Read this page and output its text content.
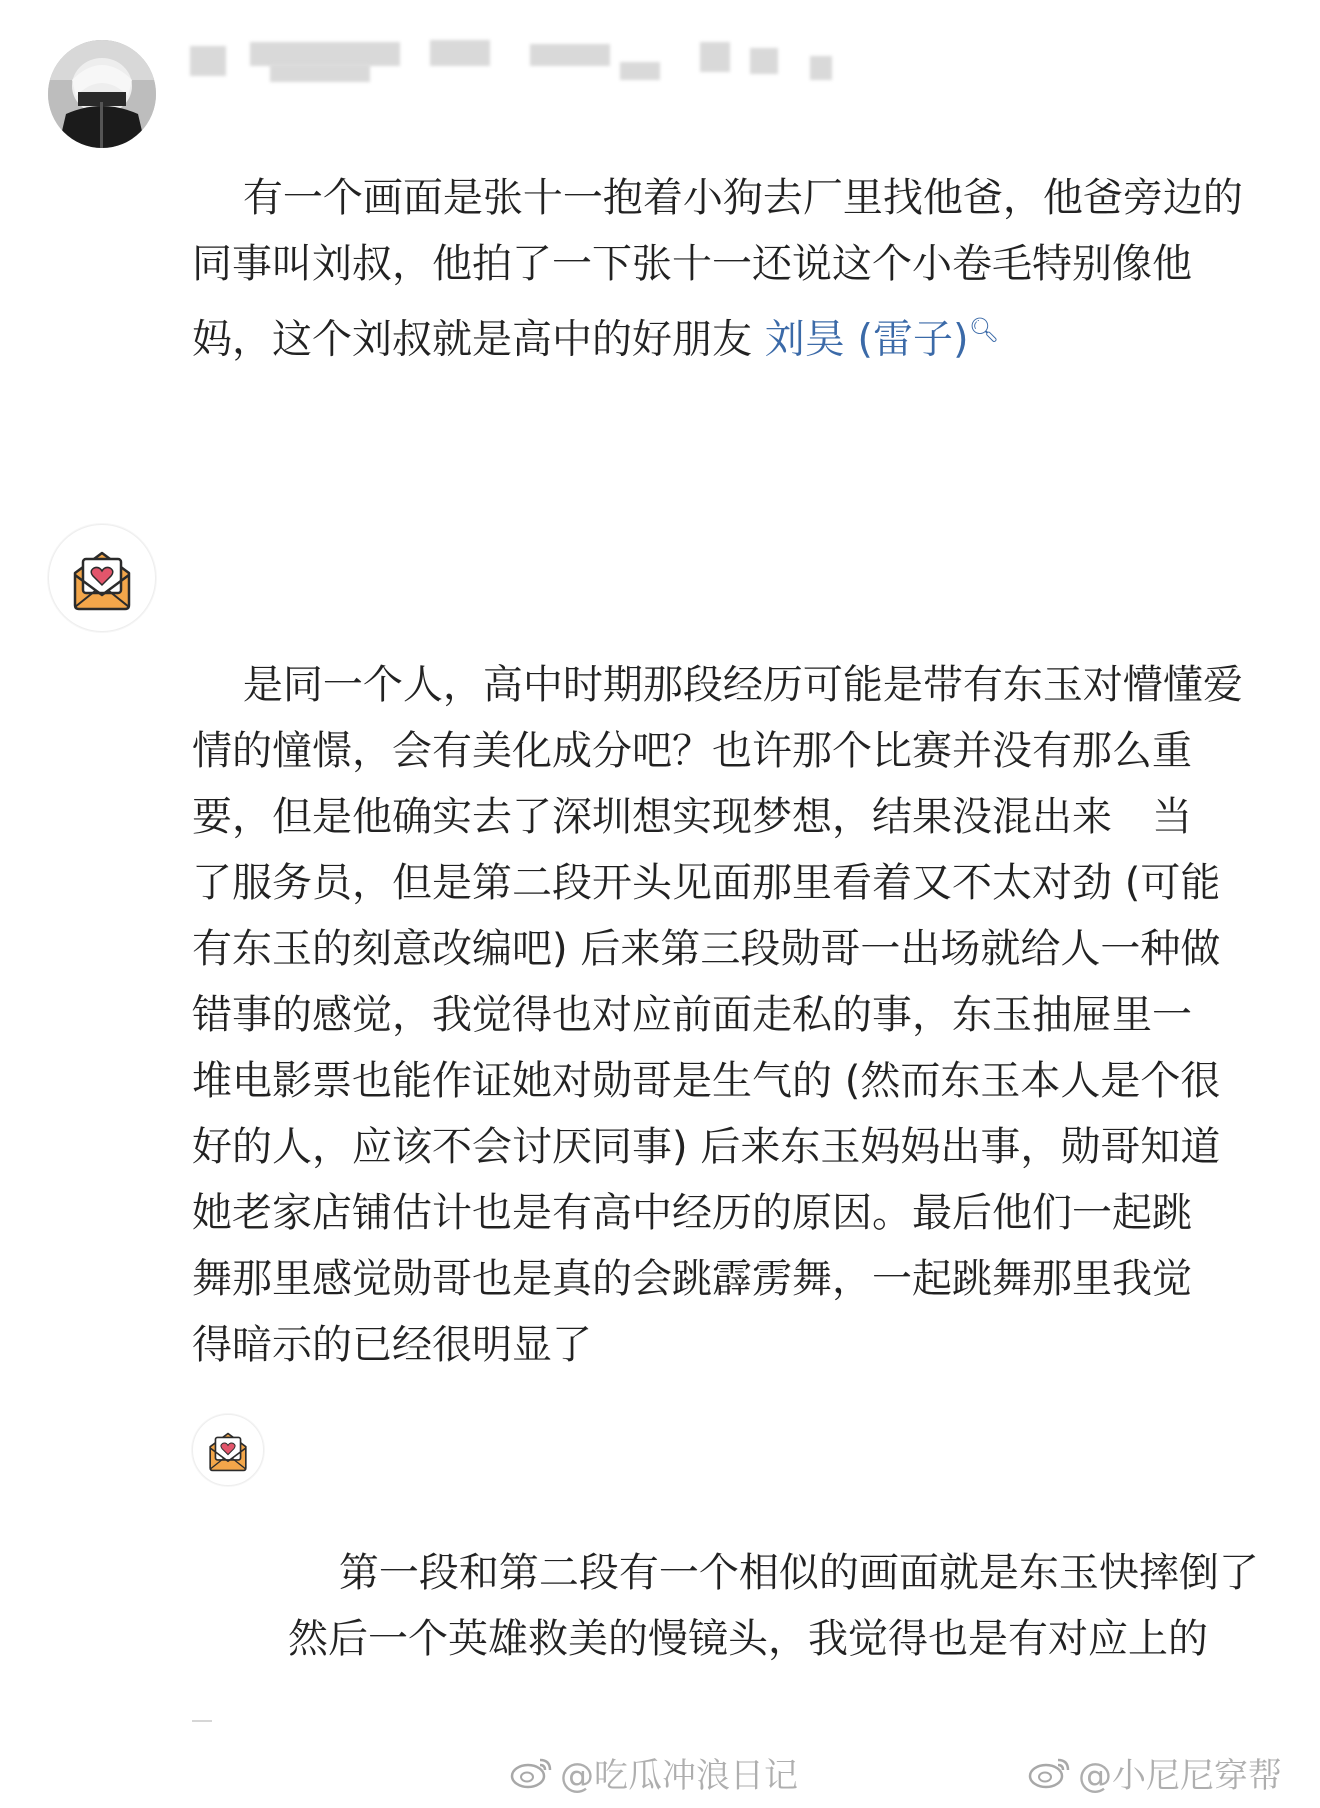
有一个画面是张十一抱着小狗去厂里找他爸，他爸旁边的
同事叫刘叔，他拍了一下张十一还说这个小卷毛特别像他
妈，这个刘叔就是高中的好朋友 刘昊 (雷子)🔍︎

是同一个人，高中时期那段经历可能是带有东玉对懵懂爱
情的憧憬，会有美化成分吧？也许那个比赛并没有那么重
要，但是他确实去了深圳想实现梦想，结果没混出来　当
了服务员，但是第二段开头见面那里看着又不太对劲 (可能
有东玉的刻意改编吧) 后来第三段勋哥一出场就给人一种做
错事的感觉，我觉得也对应前面走私的事，东玉抽屉里一
堆电影票也能作证她对勋哥是生气的 (然而东玉本人是个很
好的人，应该不会讨厌同事) 后来东玉妈妈出事，勋哥知道
她老家店铺估计也是有高中经历的原因。最后他们一起跳
舞那里感觉勋哥也是真的会跳霹雳舞，一起跳舞那里我觉
得暗示的已经很明显了

第一段和第二段有一个相似的画面就是东玉快摔倒了
然后一个英雄救美的慢镜头，我觉得也是有对应上的

@吃瓜冲浪日记	@小尼尼穿帮
